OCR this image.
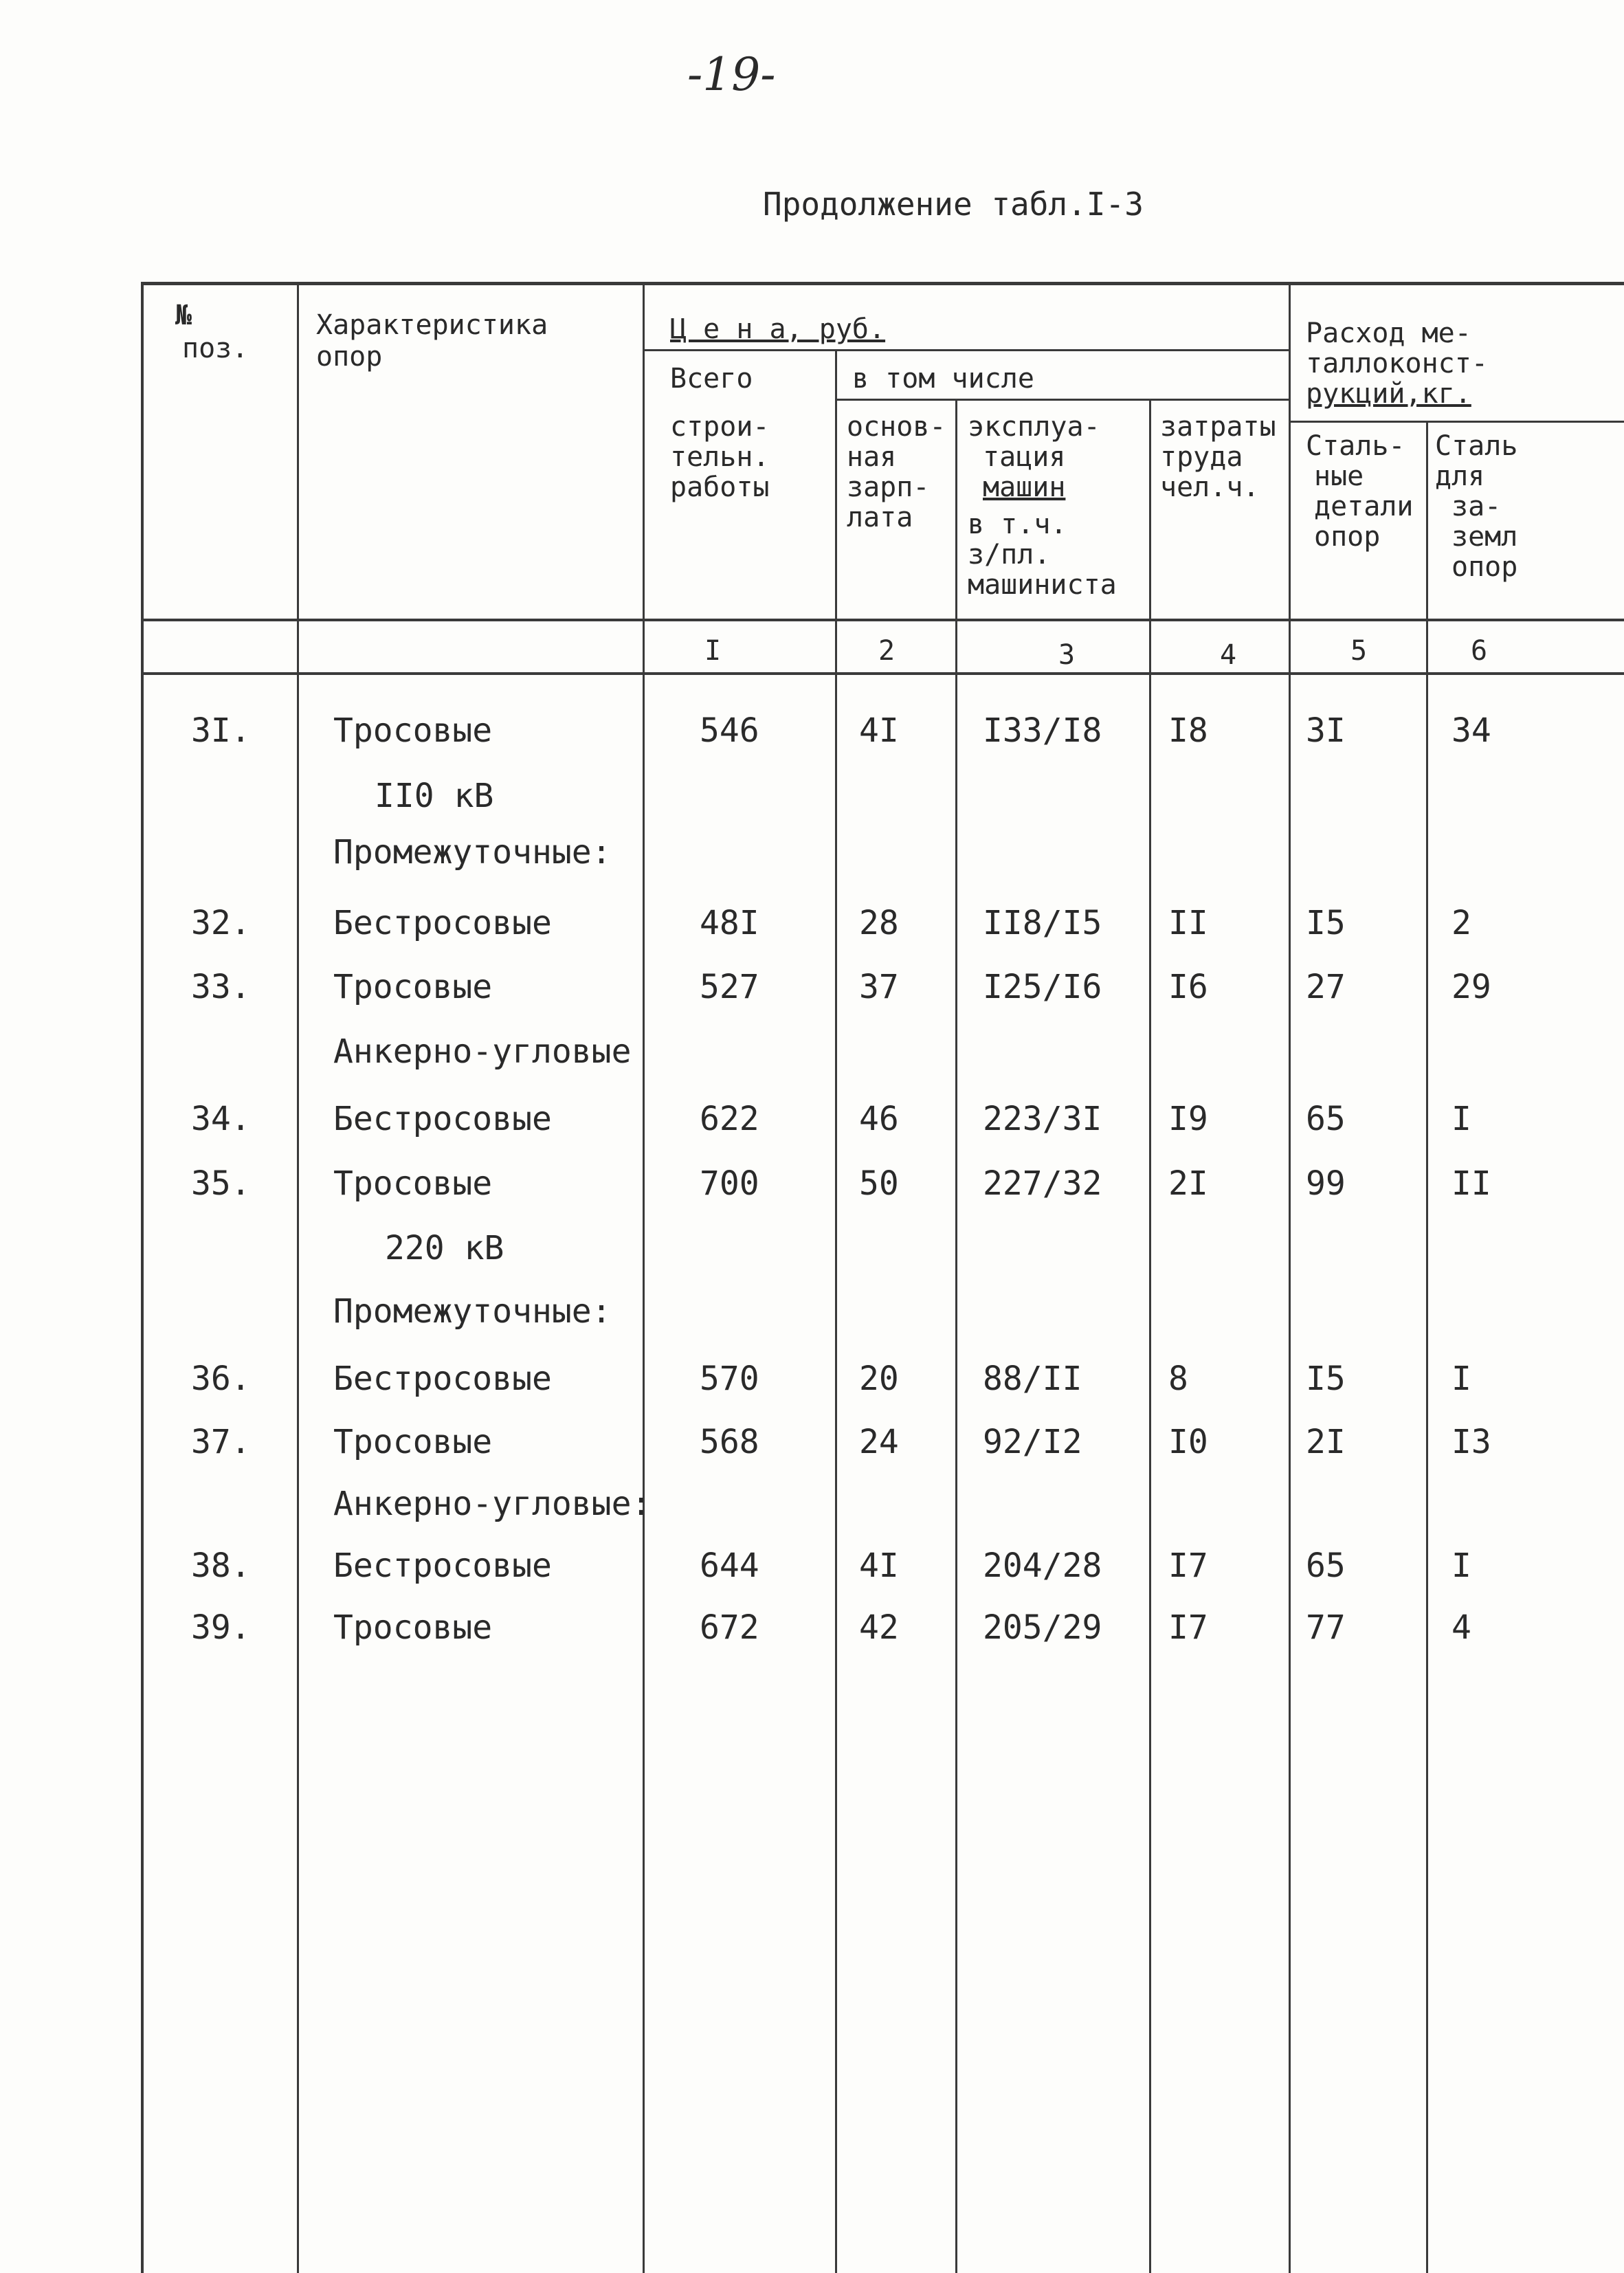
-19-
Продолжение табл.I-3
№
поз.
Характеристика
опор
Ц е н а, руб.
Всего	в том числе
строи-
тельн.
работы
основ-
ная
зарп-
лата
эксплуа-
тация
машин
в т.ч.
з/пл.
машиниста
затраты
труда
чел.ч.
Расход ме-
таллоконст-
рукций,кг.
Сталь-
ные
детали
опор
Сталь
для
за-
земл
опор
I	2	3	4	5	6
3I.	Тросовые	546	4I	I33/I8 I8	3I	34
II0 кВ
Промежуточные:
32.	Бестросовые	48I	28	II8/I5 II	I5	2
33.	Тросовые	527	37	I25/I6 I6	27	29
Анкерно-угловые
34.	Бестросовые	622	46	223/3I I9	65	I
35.	Тросовые	700	50	227/32 2I	99	II
220 кВ
Промежуточные:
36.	Бестросовые	570	20	88/II	8	I5	I
37.	Тросовые	568	24	92/I2	I0	2I	I3
Анкерно-угловые:
38.	Бестросовые	644	4I	204/28 I7	65	I
39.	Тросовые	672	42	205/29 I7	77	4
